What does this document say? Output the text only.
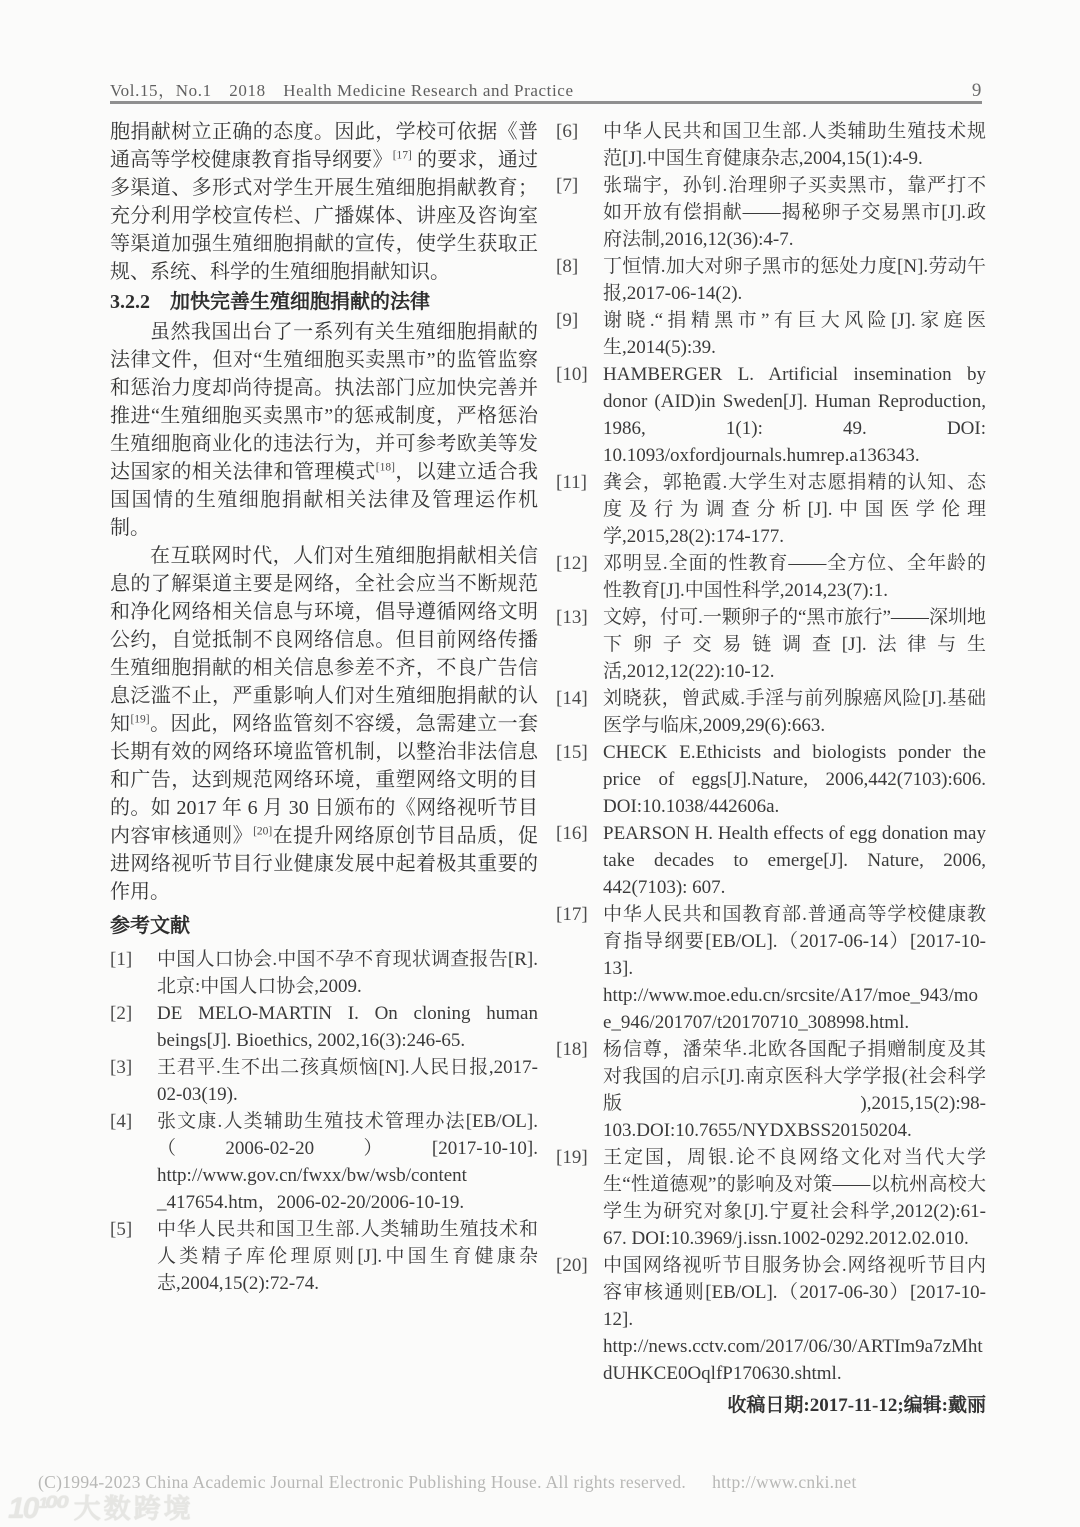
Vol.15，No.1　2018　Health Medicine Research and Practice	9

胞捐献树立正确的态度。因此，学校可依据《普通高等学校健康教育指导纲要》[17] 的要求，通过多渠道、多形式对学生开展生殖细胞捐献教育；充分利用学校宣传栏、广播媒体、讲座及咨询室等渠道加强生殖细胞捐献的宣传，使学生获取正规、系统、科学的生殖细胞捐献知识。

3.2.2　加快完善生殖细胞捐献的法律

虽然我国出台了一系列有关生殖细胞捐献的法律文件，但对“生殖细胞买卖黑市”的监管监察和惩治力度却尚待提高。执法部门应加快完善并推进“生殖细胞买卖黑市”的惩戒制度，严格惩治生殖细胞商业化的违法行为，并可参考欧美等发达国家的相关法律和管理模式[18]，以建立适合我国国情的生殖细胞捐献相关法律及管理运作机制。

在互联网时代，人们对生殖细胞捐献相关信息的了解渠道主要是网络，全社会应当不断规范和净化网络相关信息与环境，倡导遵循网络文明公约，自觉抵制不良网络信息。但目前网络传播生殖细胞捐献的相关信息参差不齐，不良广告信息泛滥不止，严重影响人们对生殖细胞捐献的认知[19]。因此，网络监管刻不容缓，急需建立一套长期有效的网络环境监管机制，以整治非法信息和广告，达到规范网络环境，重塑网络文明的目的。如 2017 年 6 月 30 日颁布的《网络视听节目内容审核通则》[20]在提升网络原创节目品质，促进网络视听节目行业健康发展中起着极其重要的作用。

参考文献
[1] 中国人口协会.中国不孕不育现状调查报告[R].北京:中国人口协会,2009.
[2] DE MELO-MARTIN I. On cloning human beings[J]. Bioethics, 2002,16(3):246-65.
[3] 王君平.生不出二孩真烦恼[N].人民日报,2017-02-03(19).
[4] 张文康.人类辅助生殖技术管理办法[EB/OL].（2006-02-20）[2017-10-10]. http://www.gov.cn/fwxx/bw/wsb/content _417654.htm，2006-02-20/2006-10-19.
[5] 中华人民共和国卫生部.人类辅助生殖技术和人类精子库伦理原则[J].中国生育健康杂志,2004,15(2):72-74.
[6] 中华人民共和国卫生部.人类辅助生殖技术规范[J].中国生育健康杂志,2004,15(1):4-9.
[7] 张瑞宇，孙钊.治理卵子买卖黑市，靠严打不如开放有偿捐献——揭秘卵子交易黑市[J].政府法制,2016,12(36):4-7.
[8] 丁恒情.加大对卵子黑市的惩处力度[N].劳动午报,2017-06-14(2).
[9] 谢晓.“捐精黑市”有巨大风险[J].家庭医生,2014(5):39.
[10] HAMBERGER L. Artificial insemination by donor (AID)in Sweden[J]. Human Reproduction, 1986, 1(1): 49. DOI: 10.1093/oxfordjournals.humrep.a136343.
[11] 龚会，郭艳霞.大学生对志愿捐精的认知、态度及行为调查分析[J].中国医学伦理学,2015,28(2):174-177.
[12] 邓明昱.全面的性教育——全方位、全年龄的性教育[J].中国性科学,2014,23(7):1.
[13] 文婷，付可.一颗卵子的“黑市旅行”——深圳地下卵子交易链调查[J].法律与生活,2012,12(22):10-12.
[14] 刘晓荻，曾武威.手淫与前列腺癌风险[J].基础医学与临床,2009,29(6):663.
[15] CHECK E.Ethicists and biologists ponder the price of eggs[J].Nature, 2006,442(7103):606. DOI:10.1038/442606a.
[16] PEARSON H. Health effects of egg donation may take decades to emerge[J]. Nature, 2006, 442(7103): 607.
[17] 中华人民共和国教育部.普通高等学校健康教育指导纲要[EB/OL].（2017-06-14）[2017-10-13]. http://www.moe.edu.cn/srcsite/A17/moe_943/moe_946/201707/t20170710_308998.html.
[18] 杨信尊，潘荣华.北欧各国配子捐赠制度及其对我国的启示[J].南京医科大学学报(社会科学版),2015,15(2):98-103.DOI:10.7655/NYDXBSS20150204.
[19] 王定国，周银.论不良网络文化对当代大学生“性道德观”的影响及对策——以杭州高校大学生为研究对象[J].宁夏社会科学,2012(2):61-67. DOI:10.3969/j.issn.1002-0292.2012.02.010.
[20] 中国网络视听节目服务协会.网络视听节目内容审核通则[EB/OL].（2017-06-30）[2017-10-12]. http://news.cctv.com/2017/06/30/ARTIm9a7zMhtdUHKCE0OqlfP170630.shtml.

收稿日期:2017-11-12;编辑:戴丽

(C)1994-2023 China Academic Journal Electronic Publishing House. All rights reserved. http://www.cnki.net
10¹⁰⁰ 大数跨境
